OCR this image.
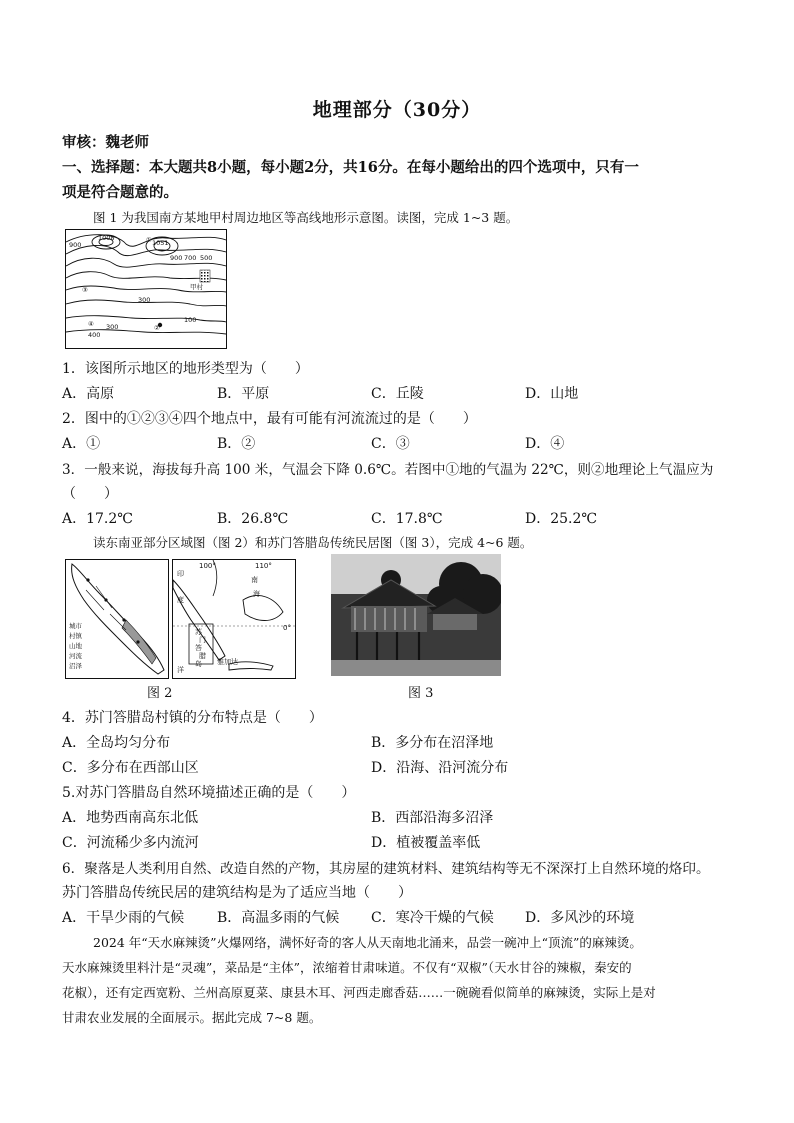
地理部分（30分）
审核：魏老师
一、选择题：本大题共8小题，每小题2分，共16分。在每小题给出的四个选项中，只有一
项是符合题意的。
图 1 为我国南方某地甲村周边地区等高线地形示意图。读图，完成 1~3 题。
900
1008
1051
900 700 500
甲村
300
①
②
③
④	100
300
400
1．该图所示地区的地形类型为（　　）
A．高原	B．平原	C．丘陵	D．山地
2．图中的①②③④四个地点中，最有可能有河流流过的是（　　）
A．①	B．②	C．③	D．④
3．一般来说，海拔每升高 100 米，气温会下降 0.6℃。若图中①地的气温为 22℃，则②地理论上气温应为
（　　）
A．17.2℃	B．26.8℃	C．17.8℃	D．25.2℃
读东南亚部分区域图（图 2）和苏门答腊岛传统民居图（图 3），完成 4~6 题。
城市
村镇
山地
河流
沼泽
100°	110°
印
南
度
海
0°
苏
门
答
腊
岛 雅加达
洋
图 2	图 3
4．苏门答腊岛村镇的分布特点是（　　）
A．全岛均匀分布	B．多分布在沼泽地
C．多分布在西部山区	D．沿海、沿河流分布
5.对苏门答腊岛自然环境描述正确的是（　　）
A．地势西南高东北低	B．西部沿海多沼泽
C．河流稀少多内流河	D．植被覆盖率低
6．聚落是人类利用自然、改造自然的产物，其房屋的建筑材料、建筑结构等无不深深打上自然环境的烙印。
苏门答腊岛传统民居的建筑结构是为了适应当地（　　）
A．干旱少雨的气候 B．高温多雨的气候 C．寒冷干燥的气候 D．多风沙的环境
2024 年“天水麻辣烫”火爆网络，满怀好奇的客人从天南地北涌来，品尝一碗冲上“顶流”的麻辣烫。
天水麻辣烫里料汁是“灵魂”，菜品是“主体”，浓缩着甘肃味道。不仅有“双椒”（天水甘谷的辣椒，秦安的
花椒），还有定西宽粉、兰州高原夏菜、康县木耳、河西走廊香菇……一碗碗看似简单的麻辣烫，实际上是对
甘肃农业发展的全面展示。据此完成 7~8 题。
